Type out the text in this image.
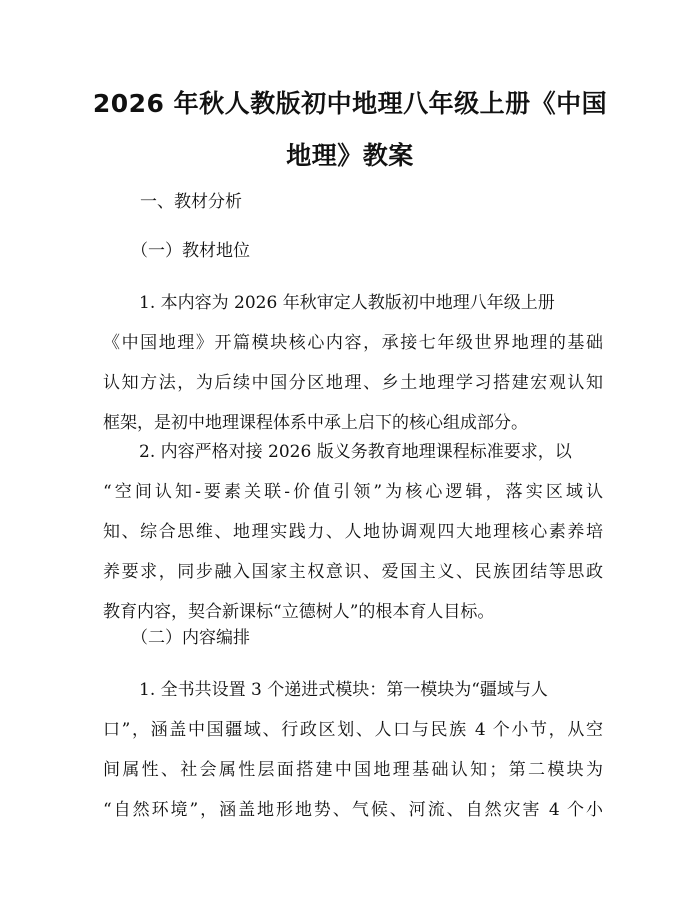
2026 年秋人教版初中地理八年级上册《中国
地理》教案

一、教材分析

（一）教材地位

1. 本内容为 2026 年秋审定人教版初中地理八年级上册
《中国地理》开篇模块核心内容，承接七年级世界地理的基础
认知方法，为后续中国分区地理、乡土地理学习搭建宏观认知
框架，是初中地理课程体系中承上启下的核心组成部分。
2. 内容严格对接 2026 版义务教育地理课程标准要求，以
“空间认知-要素关联-价值引领”为核心逻辑，落实区域认
知、综合思维、地理实践力、人地协调观四大地理核心素养培
养要求，同步融入国家主权意识、爱国主义、民族团结等思政
教育内容，契合新课标“立德树人”的根本育人目标。

（二）内容编排

1. 全书共设置 3 个递进式模块：第一模块为“疆域与人
口”，涵盖中国疆域、行政区划、人口与民族 4 个小节，从空
间属性、社会属性层面搭建中国地理基础认知；第二模块为
“自然环境”，涵盖地形地势、气候、河流、自然灾害 4 个小
